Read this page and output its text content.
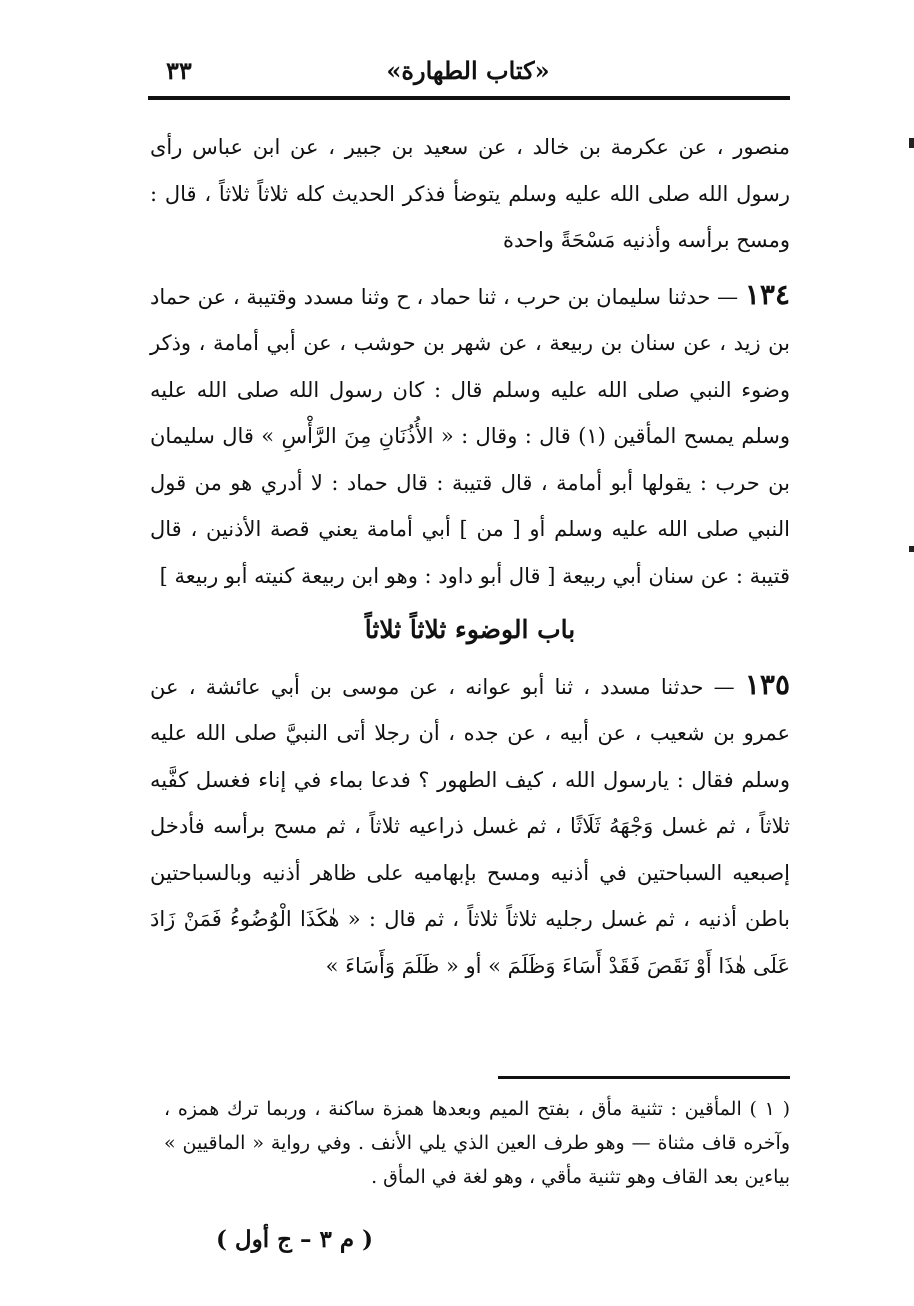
«كتاب الطهارة»
٣٣

منصور ، عن عكرمة بن خالد ، عن سعيد بن جبير ، عن ابن عباس رأى رسول الله صلى الله عليه وسلم يتوضأ فذكر الحديث كله ثلاثاً ثلاثاً ، قال : ومسح برأسه وأذنيه مَسْحَةً واحدة

١٣٤ — حدثنا سليمان بن حرب ، ثنا حماد ، ح وثنا مسدد وقتيبة ، عن حماد بن زيد ، عن سنان بن ربيعة ، عن شهر بن حوشب ، عن أبي أمامة ، وذكر وضوء النبي صلى الله عليه وسلم قال : كان رسول الله صلى الله عليه وسلم يمسح المأقين (١) قال : وقال : « الأُذُنَانِ مِنَ الرَّأْسِ » قال سليمان بن حرب : يقولها أبو أمامة ، قال قتيبة : قال حماد : لا أدري هو من قول النبي صلى الله عليه وسلم أو [ من ] أبي أمامة يعني قصة الأذنين ، قال قتيبة : عن سنان أبي ربيعة [ قال أبو داود : وهو ابن ربيعة كنيته أبو ربيعة ]

باب الوضوء ثلاثاً ثلاثاً

١٣٥ — حدثنا مسدد ، ثنا أبو عوانه ، عن موسى بن أبي عائشة ، عن عمرو بن شعيب ، عن أبيه ، عن جده ، أن رجلا أتى النبيَّ صلى الله عليه وسلم فقال : يارسول الله ، كيف الطهور ؟ فدعا بماء في إناء فغسل كفَّيه ثلاثاً ، ثم غسل وَجْهَهُ ثَلَاثًا ، ثم غسل ذراعيه ثلاثاً ، ثم مسح برأسه فأدخل إصبعيه السباحتين في أذنيه ومسح بإبهاميه على ظاهر أذنيه وبالسباحتين باطن أذنيه ، ثم غسل رجليه ثلاثاً ثلاثاً ، ثم قال : « هٰكَذَا الْوُضُوءُ فَمَنْ زَادَ عَلَى هٰذَا أَوْ نَقَصَ فَقَدْ أَسَاءَ وَظَلَمَ » أو « ظَلَمَ وَأَسَاءَ »

( ١ ) المأقين : تثنية مأق ، بفتح الميم وبعدها همزة ساكنة ، وربما ترك همزه ، وآخره قاف مثناة — وهو طرف العين الذي يلي الأنف . وفي رواية « الماقيين » بياءين بعد القاف وهو تثنية مأقي ، وهو لغة في المأق .
( م ٣ – ج أول )
